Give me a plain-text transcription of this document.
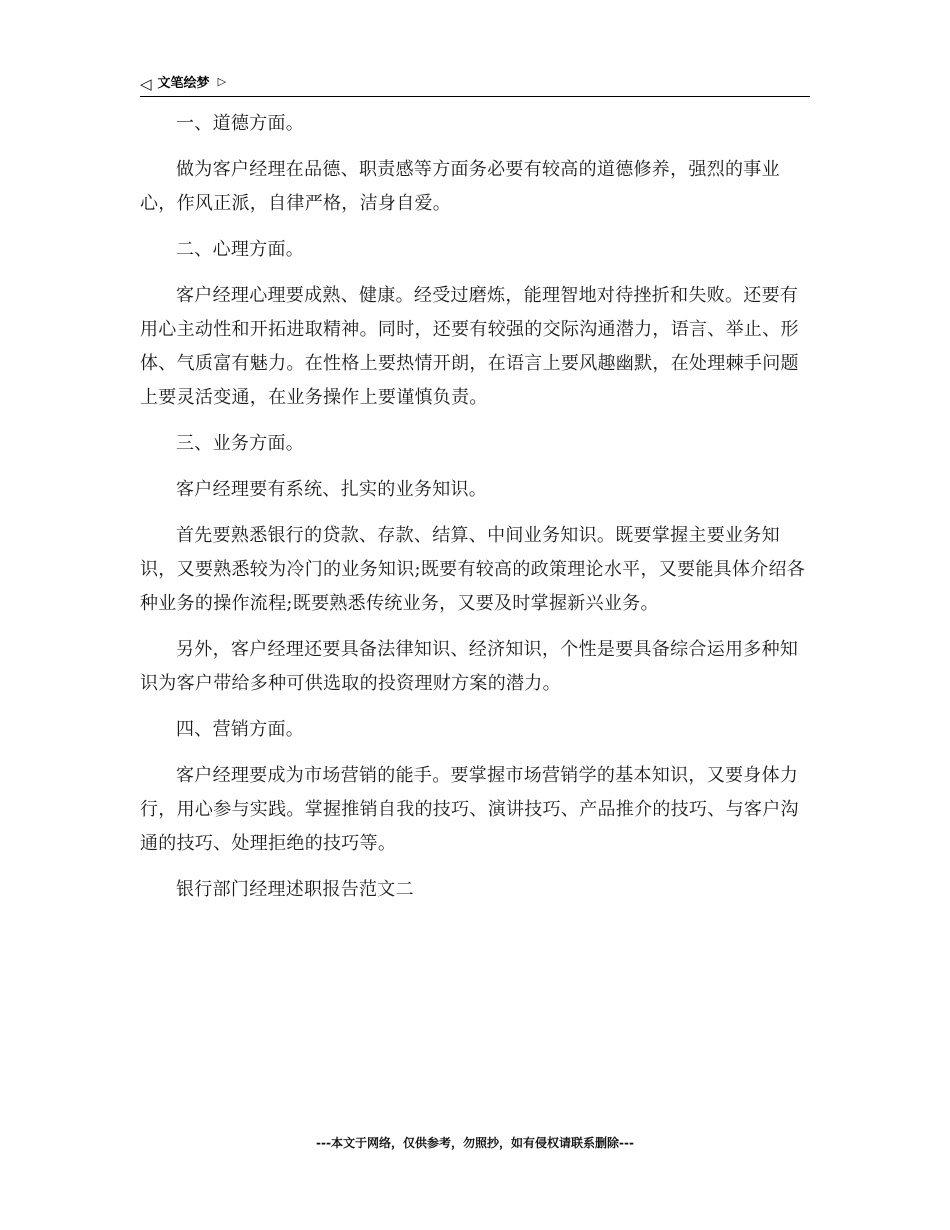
◁ 文笔绘梦 ▷

一、道德方面。

做为客户经理在品德、职责感等方面务必要有较高的道德修养，强烈的事业心，作风正派，自律严格，洁身自爱。

二、心理方面。

客户经理心理要成熟、健康。经受过磨炼，能理智地对待挫折和失败。还要有用心主动性和开拓进取精神。同时，还要有较强的交际沟通潜力，语言、举止、形体、气质富有魅力。在性格上要热情开朗，在语言上要风趣幽默，在处理棘手问题上要灵活变通，在业务操作上要谨慎负责。

三、业务方面。

客户经理要有系统、扎实的业务知识。

首先要熟悉银行的贷款、存款、结算、中间业务知识。既要掌握主要业务知识，又要熟悉较为冷门的业务知识;既要有较高的政策理论水平，又要能具体介绍各种业务的操作流程;既要熟悉传统业务，又要及时掌握新兴业务。

另外，客户经理还要具备法律知识、经济知识，个性是要具备综合运用多种知识为客户带给多种可供选取的投资理财方案的潜力。

四、营销方面。

客户经理要成为市场营销的能手。要掌握市场营销学的基本知识，又要身体力行，用心参与实践。掌握推销自我的技巧、演讲技巧、产品推介的技巧、与客户沟通的技巧、处理拒绝的技巧等。

银行部门经理述职报告范文二

---本文于网络，仅供参考，勿照抄，如有侵权请联系删除---
